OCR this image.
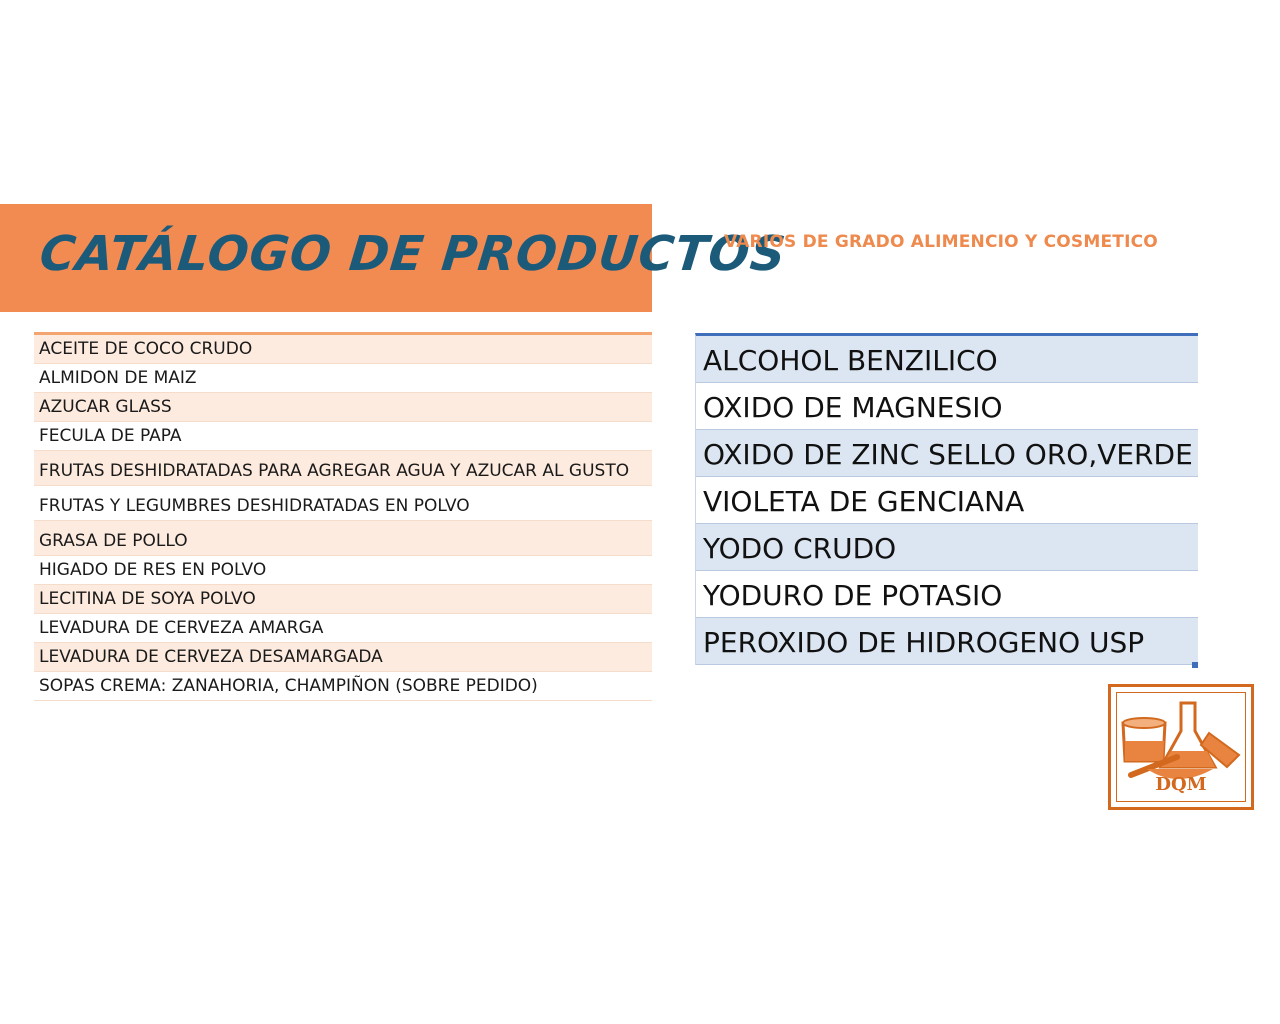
CATÁLOGO DE PRODUCTOS
VARIOS DE GRADO ALIMENCIO Y COSMETICO
ACEITE DE COCO CRUDO
ALMIDON DE MAIZ
AZUCAR GLASS
FECULA DE PAPA
FRUTAS DESHIDRATADAS PARA AGREGAR AGUA Y AZUCAR AL GUSTO
FRUTAS Y LEGUMBRES DESHIDRATADAS EN POLVO
GRASA DE POLLO
HIGADO DE RES EN POLVO
LECITINA DE SOYA POLVO
LEVADURA DE CERVEZA AMARGA
LEVADURA DE CERVEZA DESAMARGADA
SOPAS CREMA: ZANAHORIA, CHAMPIÑON (SOBRE PEDIDO)
ALCOHOL BENZILICO
OXIDO DE MAGNESIO
OXIDO DE ZINC SELLO ORO,VERDE
VIOLETA DE GENCIANA
YODO CRUDO
YODURO DE POTASIO
PEROXIDO DE HIDROGENO USP
DQM
